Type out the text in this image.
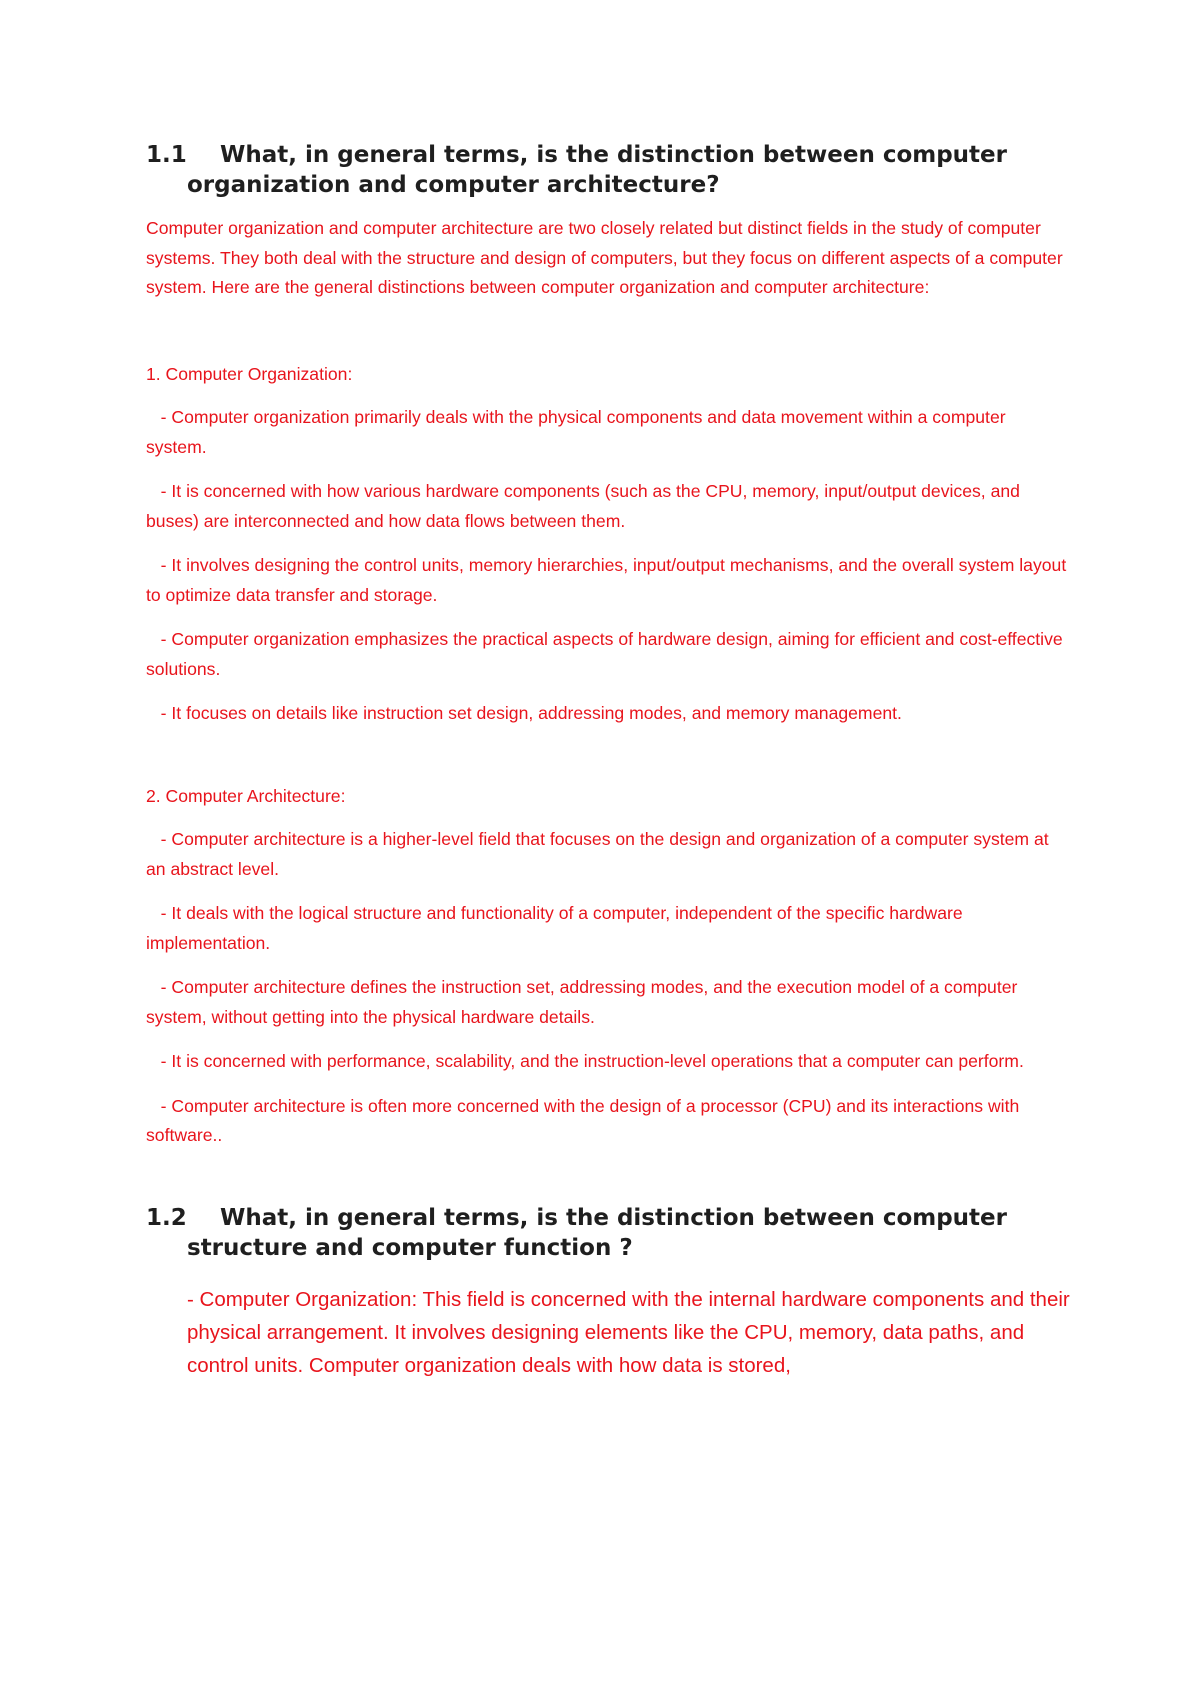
1.1 What, in general terms, is the distinction between computer organization and computer architecture?

Computer organization and computer architecture are two closely related but distinct fields in the study of computer systems. They both deal with the structure and design of computers, but they focus on different aspects of a computer system. Here are the general distinctions between computer organization and computer architecture:

1. Computer Organization:

- Computer organization primarily deals with the physical components and data movement within a computer system.

- It is concerned with how various hardware components (such as the CPU, memory, input/output devices, and buses) are interconnected and how data flows between them.

- It involves designing the control units, memory hierarchies, input/output mechanisms, and the overall system layout to optimize data transfer and storage.

- Computer organization emphasizes the practical aspects of hardware design, aiming for efficient and cost-effective solutions.

- It focuses on details like instruction set design, addressing modes, and memory management.

2. Computer Architecture:

- Computer architecture is a higher-level field that focuses on the design and organization of a computer system at an abstract level.

- It deals with the logical structure and functionality of a computer, independent of the specific hardware implementation.

- Computer architecture defines the instruction set, addressing modes, and the execution model of a computer system, without getting into the physical hardware details.

- It is concerned with performance, scalability, and the instruction-level operations that a computer can perform.

- Computer architecture is often more concerned with the design of a processor (CPU) and its interactions with software..

1.2 What, in general terms, is the distinction between computer structure and computer function ?

- Computer Organization: This field is concerned with the internal hardware components and their physical arrangement. It involves designing elements like the CPU, memory, data paths, and control units. Computer organization deals with how data is stored,
